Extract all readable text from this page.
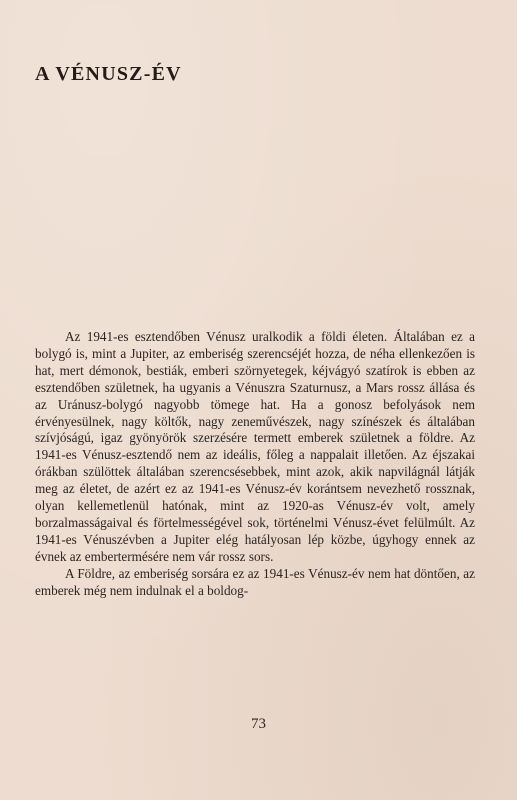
A VÉNUSZ-ÉV

Az 1941-es esztendőben Vénusz uralkodik a földi életen. Általában ez a bolygó is, mint a Jupiter, az emberiség szerencséjét hozza, de néha ellenkezően is hat, mert démonok, bestiák, emberi szörnyetegek, kéjvágyó szatírok is ebben az esztendőben születnek, ha ugyanis a Vénuszra Szaturnusz, a Mars rossz állása és az Uránusz-bolygó nagyobb tömege hat. Ha a gonosz befolyások nem érvényesülnek, nagy költők, nagy zeneművészek, nagy színészek és általában szívjóságú, igaz gyönyörök szerzésére termett emberek születnek a földre. Az 1941-es Vénusz-esztendő nem az ideális, főleg a nappalait illetően. Az éjszakai órákban szülöttek általában szerencsésebbek, mint azok, akik napvilágnál látják meg az életet, de azért ez az 1941-es Vénusz-év korántsem nevezhető rossznak, olyan kellemetlenül hatónak, mint az 1920-as Vénusz-év volt, amely borzalmasságaival és förtelmességével sok, történelmi Vénusz-évet felülmúlt. Az 1941-es Vénuszévben a Jupiter elég hatályosan lép közbe, úgyhogy ennek az évnek az embertermésére nem vár rossz sors.

A Földre, az emberiség sorsára ez az 1941-es Vénusz-év nem hat döntően, az emberek még nem indulnak el a boldog-

73
